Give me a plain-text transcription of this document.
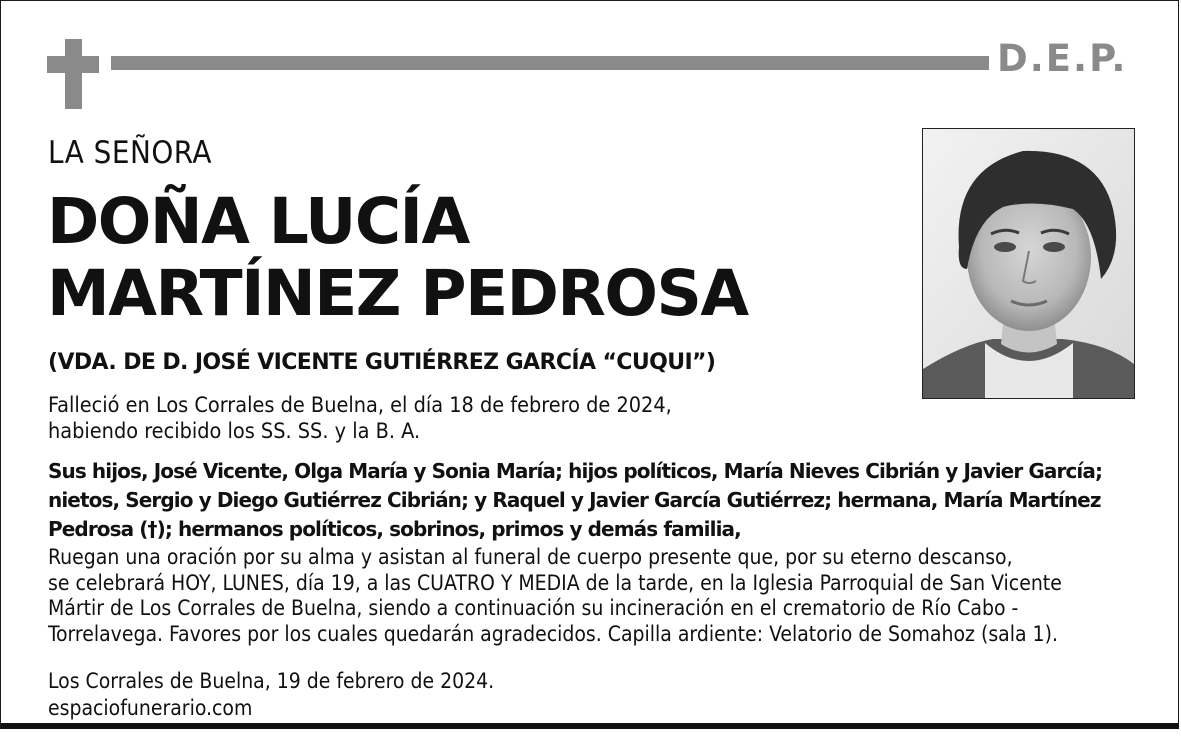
D.E.P.
LA SEÑORA
DOÑA LUCÍA
MARTÍNEZ PEDROSA
(VDA. DE D. JOSÉ VICENTE GUTIÉRREZ GARCÍA “CUQUI”)
Falleció en Los Corrales de Buelna, el día 18 de febrero de 2024,
habiendo recibido los SS. SS. y la B. A.
Sus hijos, José Vicente, Olga María y Sonia María; hijos políticos, María Nieves Cibrián y Javier García;
nietos, Sergio y Diego Gutiérrez Cibrián; y Raquel y Javier García Gutiérrez; hermana, María Martínez
Pedrosa (†); hermanos políticos, sobrinos, primos y demás familia,
Ruegan una oración por su alma y asistan al funeral de cuerpo presente que, por su eterno descanso,
se celebrará HOY, LUNES, día 19, a las CUATRO Y MEDIA de la tarde, en la Iglesia Parroquial de San Vicente
Mártir de Los Corrales de Buelna, siendo a continuación su incineración en el crematorio de Río Cabo -
Torrelavega. Favores por los cuales quedarán agradecidos. Capilla ardiente: Velatorio de Somahoz (sala 1).
Los Corrales de Buelna, 19 de febrero de 2024.
espaciofunerario.com
